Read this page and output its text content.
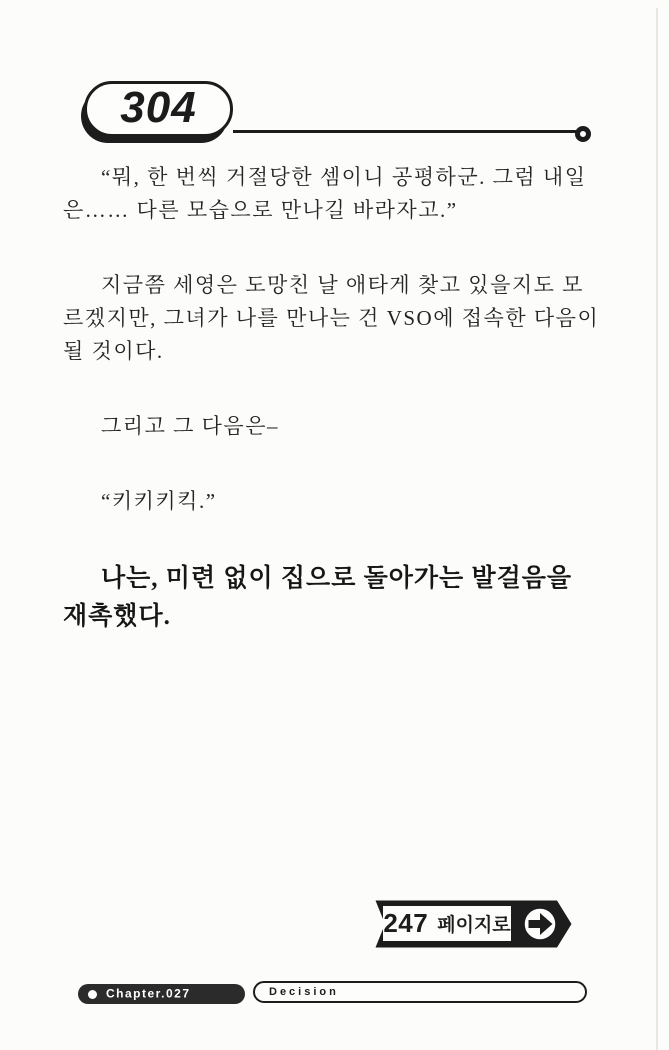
304

“뭐, 한 번씩 거절당한 셈이니 공평하군. 그럼 내일은…… 다른 모습으로 만나길 바라자고.”

지금쯤 세영은 도망친 날 애타게 찾고 있을지도 모르겠지만, 그녀가 나를 만나는 건 VSO에 접속한 다음이 될 것이다.

그리고 그 다음은–

“키키키킥.”

나는, 미련 없이 집으로 돌아가는 발걸음을 재촉했다.

247 페이지로
Chapter.027	Decision
